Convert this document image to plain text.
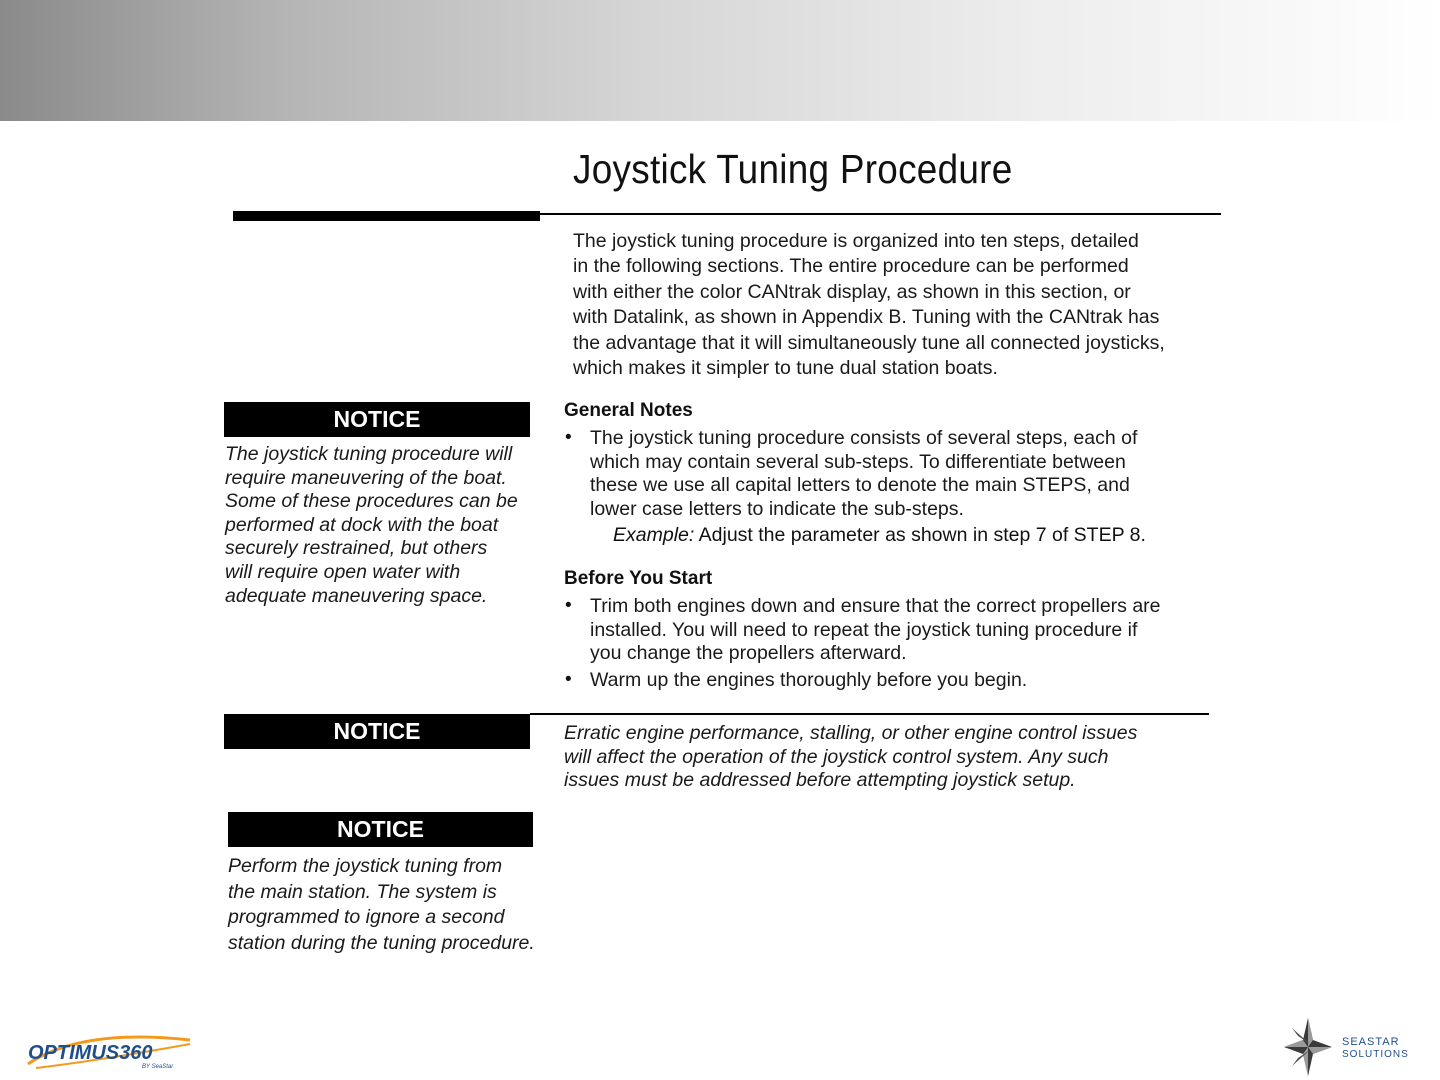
Joystick Tuning Procedure
The joystick tuning procedure is organized into ten steps, detailed
in the following sections. The entire procedure can be performed
with either the color CANtrak display, as shown in this section, or
with Datalink, as shown in Appendix B. Tuning with the CANtrak has
the advantage that it will simultaneously tune all connected joysticks,
which makes it simpler to tune dual station boats.
NOTICE
The joystick tuning procedure will
require maneuvering of the boat.
Some of these procedures can be
performed at dock with the boat
securely restrained, but others
will require open water with
adequate maneuvering space.
General Notes
• The joystick tuning procedure consists of several steps, each of
which may contain several sub-steps. To differentiate between
these we use all capital letters to denote the main STEPS, and
lower case letters to indicate the sub-steps.
Example: Adjust the parameter as shown in step 7 of STEP 8.
Before You Start
• Trim both engines down and ensure that the correct propellers are
installed. You will need to repeat the joystick tuning procedure if
you change the propellers afterward.
• Warm up the engines thoroughly before you begin.
NOTICE	Erratic engine performance, stalling, or other engine control issues
will affect the operation of the joystick control system. Any such
issues must be addressed before attempting joystick setup.
NOTICE
Perform the joystick tuning from
the main station. The system is
programmed to ignore a second
station during the tuning procedure.
OPTIMUS360
BY SeaStar
SEASTAR
SOLUTIONS
